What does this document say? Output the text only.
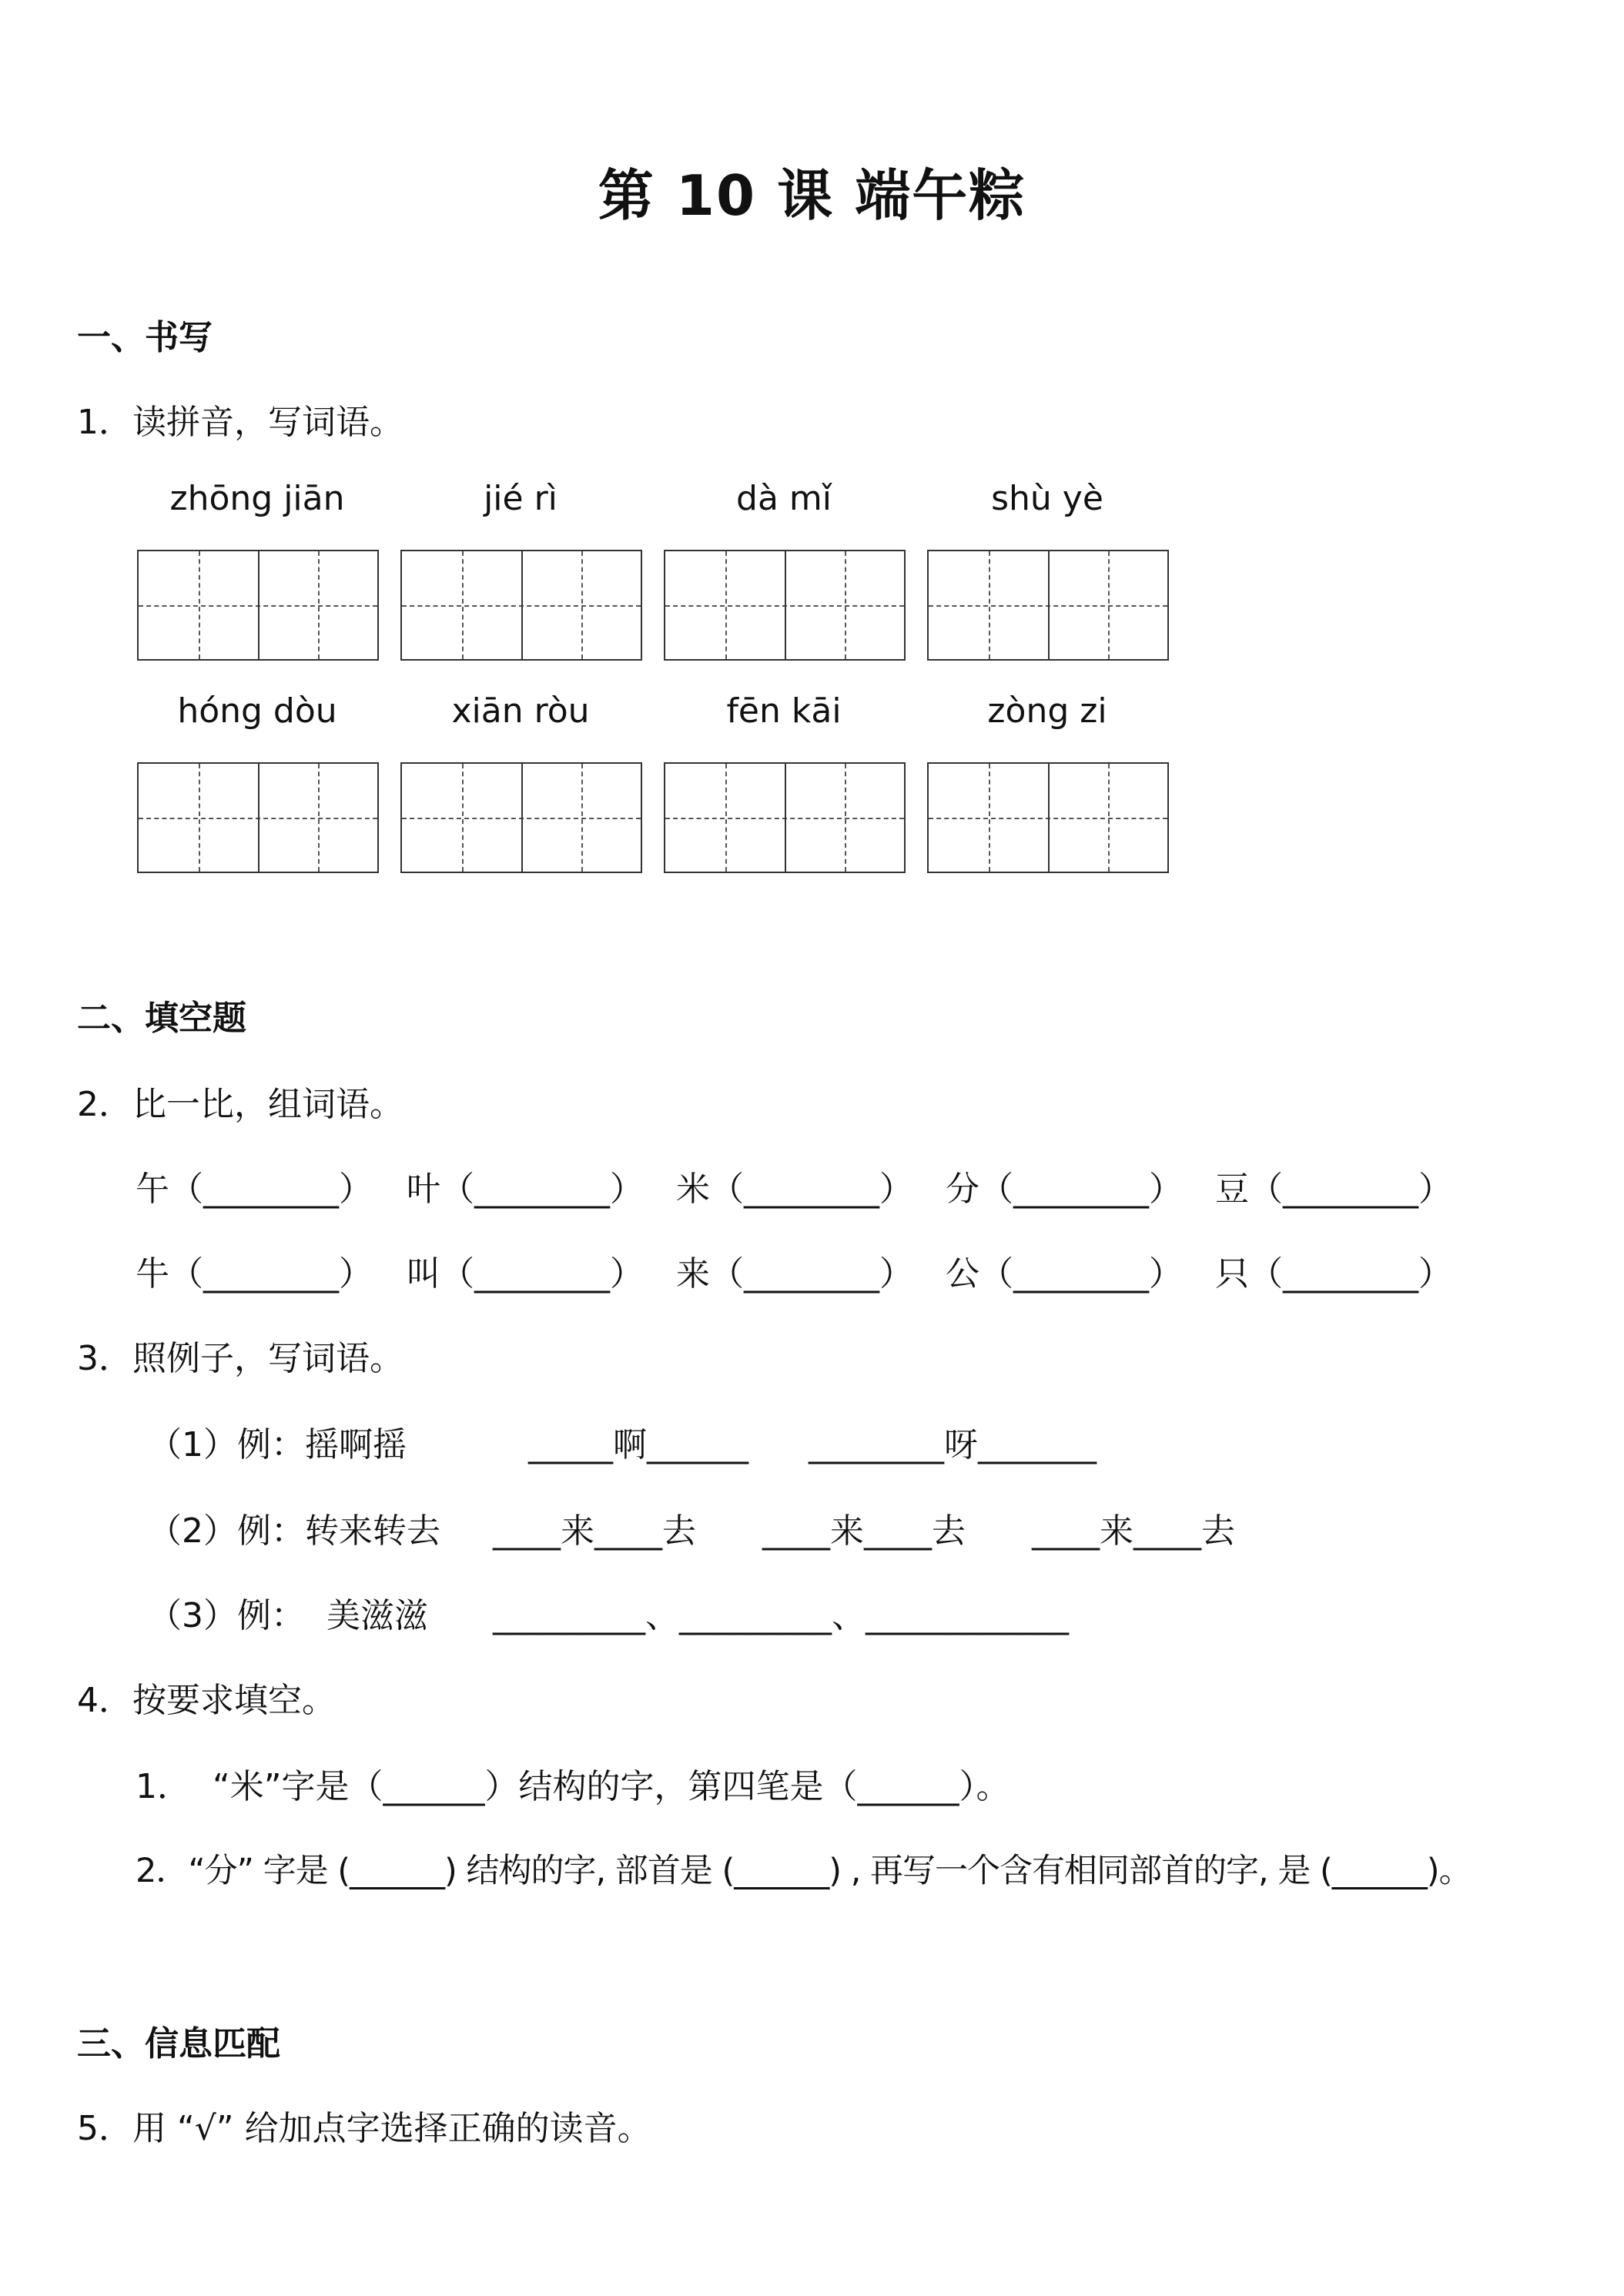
第 10 课 端午粽
一、书写
1．读拼音，写词语。
zhōng jiān	jié rì	dà mǐ	shù yè
hóng dòu	xiān ròu	fēn kāi	zòng zi
二、填空题
2．比一比，组词语。
午（________） 叶（________） 米（________） 分（________） 豆（________）
牛（________） 叫（________） 来（________） 公（________） 只（________）
3．照例子，写词语。
（1）例：摇啊摇	_____啊______ ________呀_______
（2）例：转来转去 ____来____去 ____来____去 ____来____去
（3）例：  美滋滋 _________、_________、____________
4．按要求填空。
1．  “米”字是（______）结构的字，第四笔是（______）。
2．“分” 字是 (______) 结构的字, 部首是 (______) , 再写一个含有相同部首的字, 是 (______)。
三、信息匹配
5．用 “√” 给加点字选择正确的读音。
